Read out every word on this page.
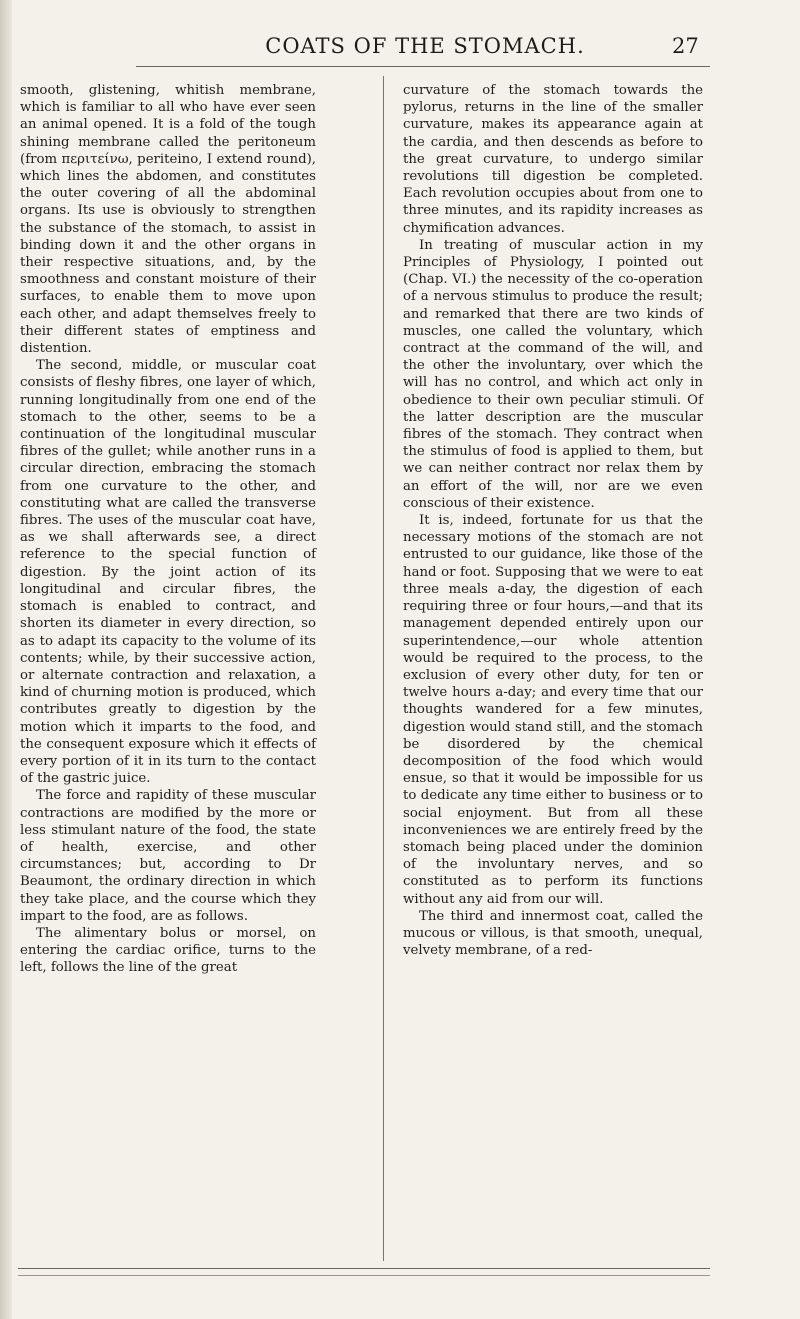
COATS OF THE STOMACH.	27

smooth, glistening, whitish membrane, which is familiar to all who have ever seen an animal opened. It is a fold of the tough shining membrane called the peritoneum (from περιτείνω, periteino, I extend round), which lines the abdomen, and constitutes the outer covering of all the abdominal organs. Its use is obviously to strengthen the substance of the stomach, to assist in binding down it and the other organs in their respective situations, and, by the smoothness and constant moisture of their surfaces, to enable them to move upon each other, and adapt themselves freely to their different states of emptiness and distention.

The second, middle, or muscular coat consists of fleshy fibres, one layer of which, running longitudinally from one end of the stomach to the other, seems to be a continuation of the longitudinal muscular fibres of the gullet; while another runs in a circular direction, embracing the stomach from one curvature to the other, and constituting what are called the transverse fibres. The uses of the muscular coat have, as we shall afterwards see, a direct reference to the special function of digestion. By the joint action of its longitudinal and circular fibres, the stomach is enabled to contract, and shorten its diameter in every direction, so as to adapt its capacity to the volume of its contents; while, by their successive action, or alternate contraction and relaxation, a kind of churning motion is produced, which contributes greatly to digestion by the motion which it imparts to the food, and the consequent exposure which it effects of every portion of it in its turn to the contact of the gastric juice.

The force and rapidity of these muscular contractions are modified by the more or less stimulant nature of the food, the state of health, exercise, and other circumstances; but, according to Dr Beaumont, the ordinary direction in which they take place, and the course which they impart to the food, are as follows.

The alimentary bolus or morsel, on entering the cardiac orifice, turns to the left, follows the line of the great

curvature of the stomach towards the pylorus, returns in the line of the smaller curvature, makes its appearance again at the cardia, and then descends as before to the great curvature, to undergo similar revolutions till digestion be completed. Each revolution occupies about from one to three minutes, and its rapidity increases as chymification advances.

In treating of muscular action in my Principles of Physiology, I pointed out (Chap. VI.) the necessity of the co-operation of a nervous stimulus to produce the result; and remarked that there are two kinds of muscles, one called the voluntary, which contract at the command of the will, and the other the involuntary, over which the will has no control, and which act only in obedience to their own peculiar stimuli. Of the latter description are the muscular fibres of the stomach. They contract when the stimulus of food is applied to them, but we can neither contract nor relax them by an effort of the will, nor are we even conscious of their existence.

It is, indeed, fortunate for us that the necessary motions of the stomach are not entrusted to our guidance, like those of the hand or foot. Supposing that we were to eat three meals a-day, the digestion of each requiring three or four hours,—and that its management depended entirely upon our superintendence,—our whole attention would be required to the process, to the exclusion of every other duty, for ten or twelve hours a-day; and every time that our thoughts wandered for a few minutes, digestion would stand still, and the stomach be disordered by the chemical decomposition of the food which would ensue, so that it would be impossible for us to dedicate any time either to business or to social enjoyment. But from all these inconveniences we are entirely freed by the stomach being placed under the dominion of the involuntary nerves, and so constituted as to perform its functions without any aid from our will.

The third and innermost coat, called the mucous or villous, is that smooth, unequal, velvety membrane, of a red-
